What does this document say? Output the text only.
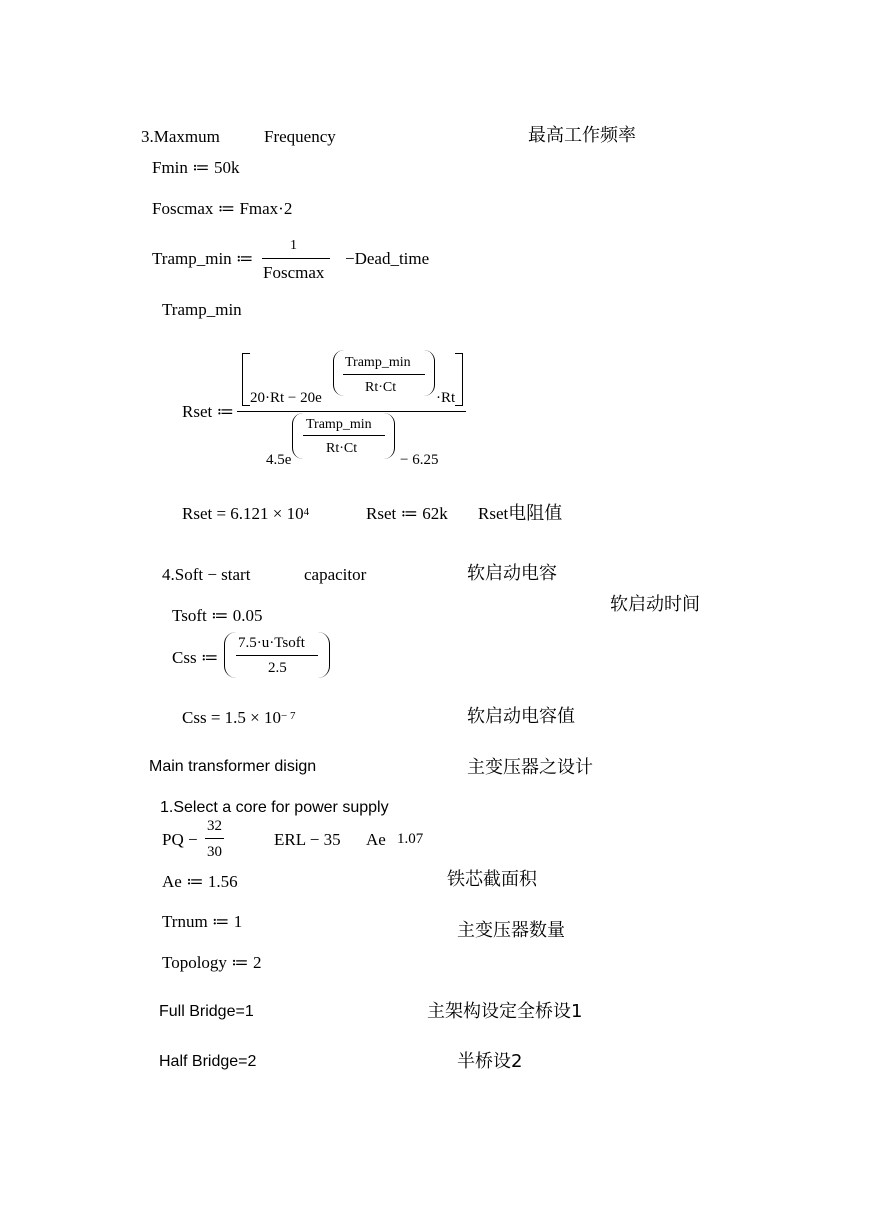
3.Maxmum	Frequency	最高工作频率
Fmin ≔ 50k
Foscmax ≔ Fmax·2
Tramp_min ≔
1
Foscmax
−Dead_time
Tramp_min
Rset ≔
20·Rt − 20e
Tramp_min
Rt·Ct
·Rt
4.5e
Tramp_min
Rt·Ct
− 6.25
Rset = $6.121 \times 10^4$	Rset ≔ 62k Rset电阻值
4.Soft − start	capacitor	软启动电容
软启动时间
Tsoft ≔ 0.05
Css ≔
7.5·u·Tsoft
2.5
Css = $1.5 \times 10^{- 7}$	软启动电容值
Main transformer disign	主变压器之设计
1.Select a core for power supply
PQ −
32
30
ERL − 35 Ae 1.07
Ae ≔ 1.56	铁芯截面积
Trnum ≔ 1	主变压器数量
Topology ≔ 2
Full Bridge=1	主架构设定全桥设1
Half Bridge=2	半桥设2
